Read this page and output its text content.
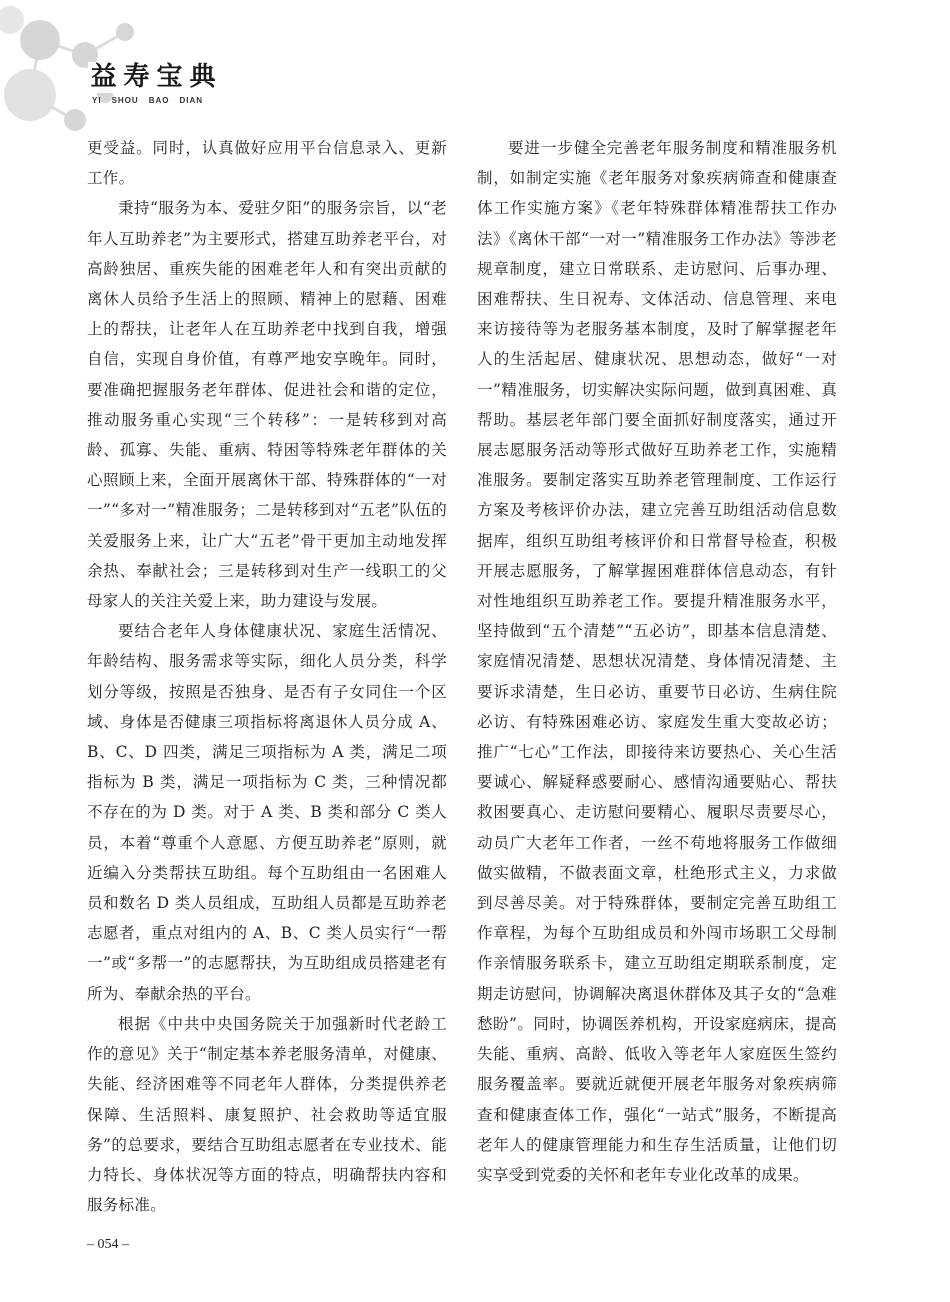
益 寿 宝 典
YI SHOU BAO DIAN

更受益。同时，认真做好应用平台信息录入、更新工作。

秉持“服务为本、爱驻夕阳”的服务宗旨，以“老年人互助养老”为主要形式，搭建互助养老平台，对高龄独居、重疾失能的困难老年人和有突出贡献的离休人员给予生活上的照顾、精神上的慰藉、困难上的帮扶，让老年人在互助养老中找到自我，增强自信，实现自身价值，有尊严地安享晚年。同时，要准确把握服务老年群体、促进社会和谐的定位，推动服务重心实现“三个转移”：一是转移到对高龄、孤寡、失能、重病、特困等特殊老年群体的关心照顾上来，全面开展离休干部、特殊群体的“一对一”“多对一”精准服务；二是转移到对“五老”队伍的关爱服务上来，让广大“五老”骨干更加主动地发挥余热、奉献社会；三是转移到对生产一线职工的父母家人的关注关爱上来，助力建设与发展。

要结合老年人身体健康状况、家庭生活情况、年龄结构、服务需求等实际，细化人员分类，科学划分等级，按照是否独身、是否有子女同住一个区域、身体是否健康三项指标将离退休人员分成 A、B、C、D 四类，满足三项指标为 A 类，满足二项指标为 B 类，满足一项指标为 C 类，三种情况都不存在的为 D 类。对于 A 类、B 类和部分 C 类人员，本着“尊重个人意愿、方便互助养老”原则，就近编入分类帮扶互助组。每个互助组由一名困难人员和数名 D 类人员组成，互助组人员都是互助养老志愿者，重点对组内的 A、B、C 类人员实行“一帮一”或“多帮一”的志愿帮扶，为互助组成员搭建老有所为、奉献余热的平台。

根据《中共中央国务院关于加强新时代老龄工作的意见》关于“制定基本养老服务清单，对健康、失能、经济困难等不同老年人群体，分类提供养老保障、生活照料、康复照护、社会救助等适宜服务”的总要求，要结合互助组志愿者在专业技术、能力特长、身体状况等方面的特点，明确帮扶内容和服务标准。

要进一步健全完善老年服务制度和精准服务机制，如制定实施《老年服务对象疾病筛查和健康查体工作实施方案》《老年特殊群体精准帮扶工作办法》《离休干部“一对一”精准服务工作办法》等涉老规章制度，建立日常联系、走访慰问、后事办理、困难帮扶、生日祝寿、文体活动、信息管理、来电来访接待等为老服务基本制度，及时了解掌握老年人的生活起居、健康状况、思想动态，做好“一对一”精准服务，切实解决实际问题，做到真困难、真帮助。基层老年部门要全面抓好制度落实，通过开展志愿服务活动等形式做好互助养老工作，实施精准服务。要制定落实互助养老管理制度、工作运行方案及考核评价办法，建立完善互助组活动信息数据库，组织互助组考核评价和日常督导检查，积极开展志愿服务，了解掌握困难群体信息动态，有针对性地组织互助养老工作。要提升精准服务水平，坚持做到“五个清楚”“五必访”，即基本信息清楚、家庭情况清楚、思想状况清楚、身体情况清楚、主要诉求清楚，生日必访、重要节日必访、生病住院必访、有特殊困难必访、家庭发生重大变故必访；推广“七心”工作法，即接待来访要热心、关心生活要诚心、解疑释惑要耐心、感情沟通要贴心、帮扶救困要真心、走访慰问要精心、履职尽责要尽心，动员广大老年工作者，一丝不苟地将服务工作做细做实做精，不做表面文章，杜绝形式主义，力求做到尽善尽美。对于特殊群体，要制定完善互助组工作章程，为每个互助组成员和外闯市场职工父母制作亲情服务联系卡，建立互助组定期联系制度，定期走访慰问，协调解决离退休群体及其子女的“急难愁盼”。同时，协调医养机构，开设家庭病床，提高失能、重病、高龄、低收入等老年人家庭医生签约服务覆盖率。要就近就便开展老年服务对象疾病筛查和健康查体工作，强化“一站式”服务，不断提高老年人的健康管理能力和生存生活质量，让他们切实享受到党委的关怀和老年专业化改革的成果。

– 054 –
